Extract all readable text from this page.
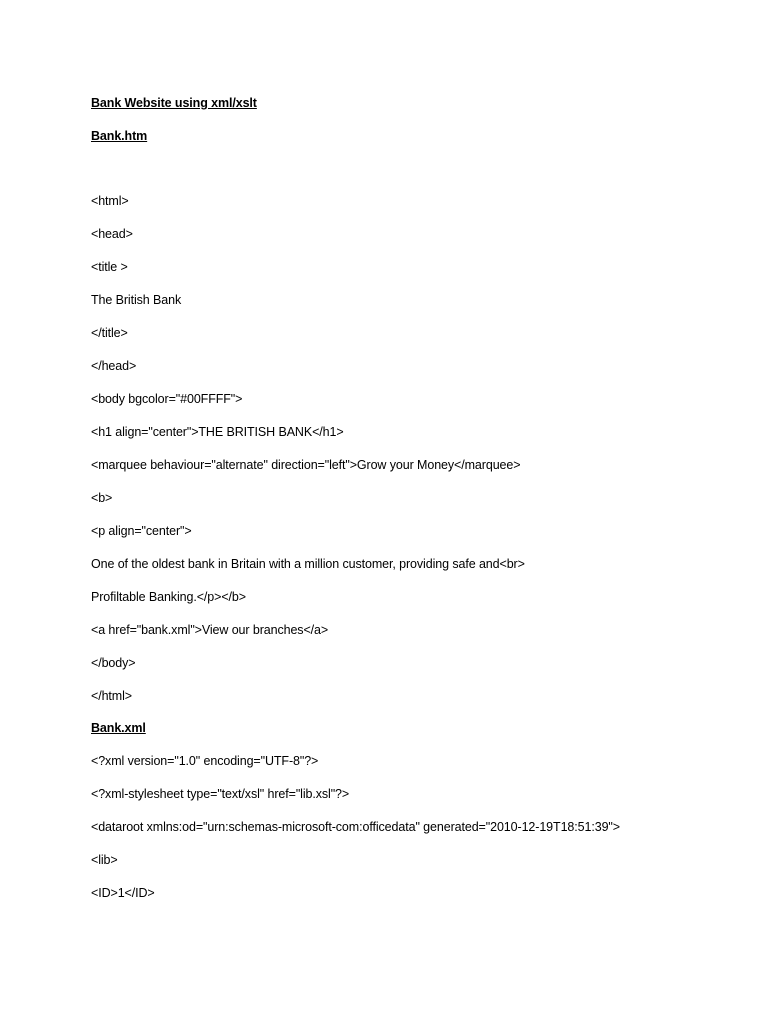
Bank Website using xml/xslt
Bank.htm
<html>
<head>
<title >
The British Bank
</title>
</head>
<body bgcolor="#00FFFF">
<h1 align="center">THE BRITISH BANK</h1>
<marquee behaviour="alternate" direction="left">Grow your Money</marquee>
<b>
<p align="center">
One of the oldest bank in Britain with a million customer, providing safe and<br>
Profiltable Banking.</p></b>
<a href="bank.xml">View our branches</a>
</body>
</html>
Bank.xml
<?xml version="1.0" encoding="UTF-8"?>
<?xml-stylesheet type="text/xsl" href="lib.xsl"?>
<dataroot xmlns:od="urn:schemas-microsoft-com:officedata" generated="2010-12-19T18:51:39">
<lib>
<ID>1</ID>
